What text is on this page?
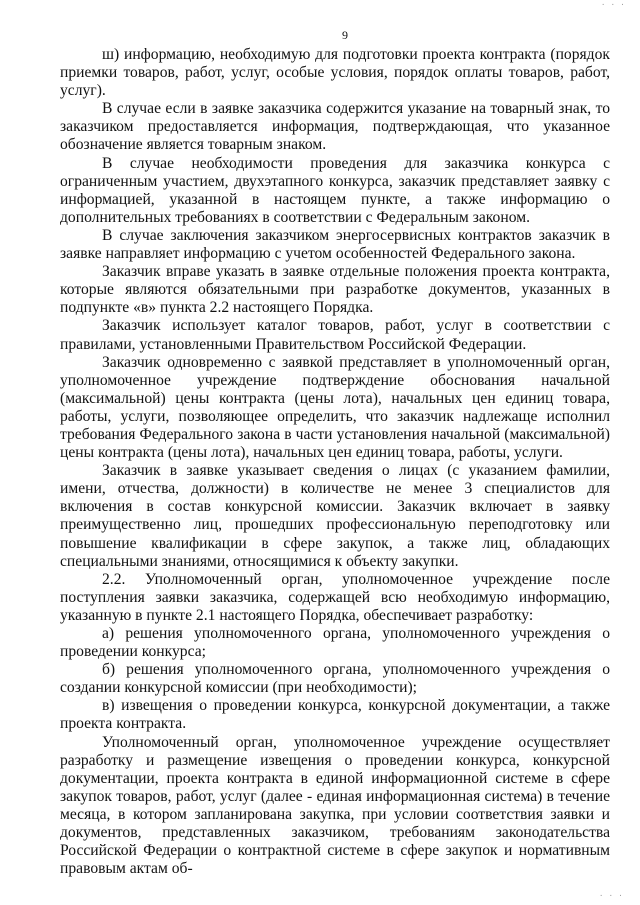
. . .
9

ш) информацию, необходимую для подготовки проекта контракта (порядок приемки товаров, работ, услуг, особые условия, порядок оплаты товаров, работ, услуг).

В случае если в заявке заказчика содержится указание на товарный знак, то заказчиком предоставляется информация, подтверждающая, что указанное обозначение является товарным знаком.

В случае необходимости проведения для заказчика конкурса с ограниченным участием, двухэтапного конкурса, заказчик представляет заявку с информацией, указанной в настоящем пункте, а также информацию о дополнительных требованиях в соответствии с Федеральным законом.

В случае заключения заказчиком энергосервисных контрактов заказчик в заявке направляет информацию с учетом особенностей Федерального закона.

Заказчик вправе указать в заявке отдельные положения проекта контракта, которые являются обязательными при разработке документов, указанных в подпункте «в» пункта 2.2 настоящего Порядка.

Заказчик использует каталог товаров, работ, услуг в соответствии с правилами, установленными Правительством Российской Федерации.

Заказчик одновременно с заявкой представляет в уполномоченный орган, уполномоченное учреждение подтверждение обоснования начальной (максимальной) цены контракта (цены лота), начальных цен единиц товара, работы, услуги, позволяющее определить, что заказчик надлежаще исполнил требования Федерального закона в части установления начальной (максимальной) цены контракта (цены лота), начальных цен единиц товара, работы, услуги.

Заказчик в заявке указывает сведения о лицах (с указанием фамилии, имени, отчества, должности) в количестве не менее 3 специалистов для включения в состав конкурсной комиссии. Заказчик включает в заявку преимущественно лиц, прошедших профессиональную переподготовку или повышение квалификации в сфере закупок, а также лиц, обладающих специальными знаниями, относящимися к объекту закупки.

2.2. Уполномоченный орган, уполномоченное учреждение после поступления заявки заказчика, содержащей всю необходимую информацию, указанную в пункте 2.1 настоящего Порядка, обеспечивает разработку:

а) решения уполномоченного органа, уполномоченного учреждения о проведении конкурса;

б) решения уполномоченного органа, уполномоченного учреждения о создании конкурсной комиссии (при необходимости);

в) извещения о проведении конкурса, конкурсной документации, а также проекта контракта.

Уполномоченный орган, уполномоченное учреждение осуществляет разработку и размещение извещения о проведении конкурса, конкурсной документации, проекта контракта в единой информационной системе в сфере закупок товаров, работ, услуг (далее - единая информационная система) в течение месяца, в котором запланирована закупка, при условии соответствия заявки и документов, представленных заказчиком, требованиям законодательства Российской Федерации о контрактной системе в сфере закупок и нормативным правовым актам об-

. . .
